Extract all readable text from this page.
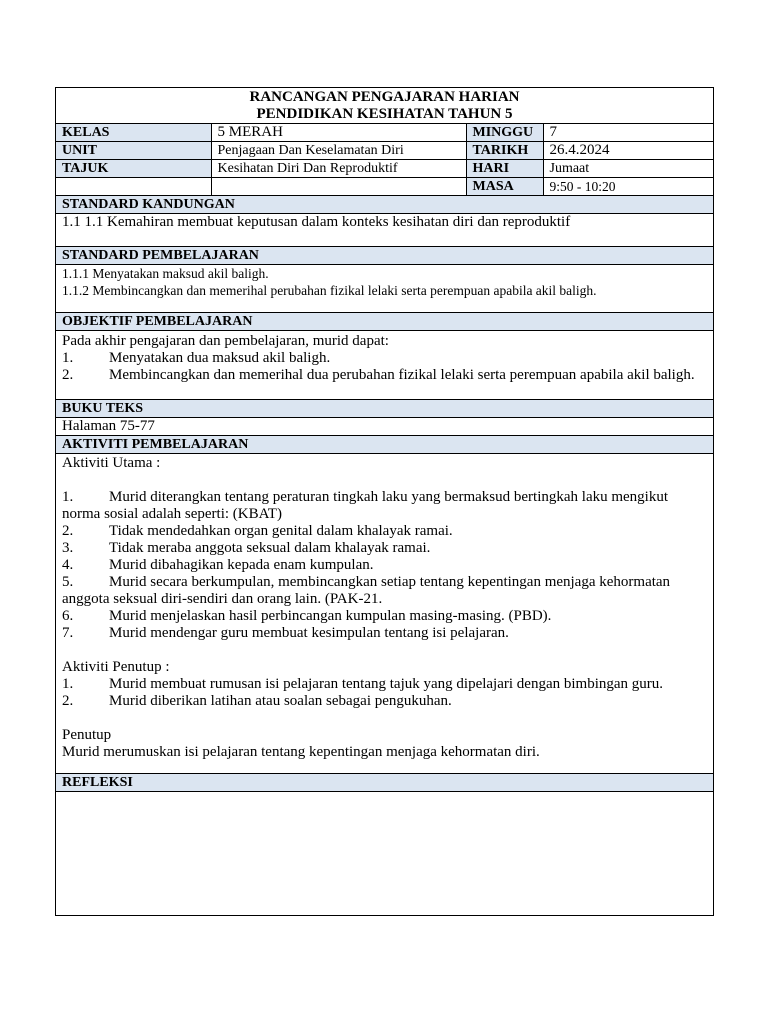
RANCANGAN PENGAJARAN HARIAN
PENDIDIKAN KESIHATAN TAHUN 5
KELAS	5 MERAH	MINGGU	7
UNIT	Penjagaan Dan Keselamatan Diri	TARIKH	26.4.2024
TAJUK	Kesihatan Diri Dan Reproduktif	HARI	Jumaat
		MASA	9:50 - 10:20
STANDARD KANDUNGAN
1.1 1.1 Kemahiran membuat keputusan dalam konteks kesihatan diri dan reproduktif
STANDARD PEMBELAJARAN
1.1.1 Menyatakan maksud akil baligh.
1.1.2 Membincangkan dan memerihal perubahan fizikal lelaki serta perempuan apabila akil baligh.
OBJEKTIF PEMBELAJARAN
Pada akhir pengajaran dan pembelajaran, murid dapat:
1. Menyatakan dua maksud akil baligh.
2. Membincangkan dan memerihal dua perubahan fizikal lelaki serta perempuan apabila akil baligh.
BUKU TEKS
Halaman 75-77
AKTIVITI PEMBELAJARAN
Aktiviti Utama :
1. Murid diterangkan tentang peraturan tingkah laku yang bermaksud bertingkah laku mengikut norma sosial adalah seperti: (KBAT)
2. Tidak mendedahkan organ genital dalam khalayak ramai.
3. Tidak meraba anggota seksual dalam khalayak ramai.
4. Murid dibahagikan kepada enam kumpulan.
5. Murid secara berkumpulan, membincangkan setiap tentang kepentingan menjaga kehormatan anggota seksual diri-sendiri dan orang lain. (PAK-21.
6. Murid menjelaskan hasil perbincangan kumpulan masing-masing. (PBD).
7. Murid mendengar guru membuat kesimpulan tentang isi pelajaran.
Aktiviti Penutup :
1. Murid membuat rumusan isi pelajaran tentang tajuk yang dipelajari dengan bimbingan guru.
2. Murid diberikan latihan atau soalan sebagai pengukuhan.
Penutup
Murid merumuskan isi pelajaran tentang kepentingan menjaga kehormatan diri.
REFLEKSI
